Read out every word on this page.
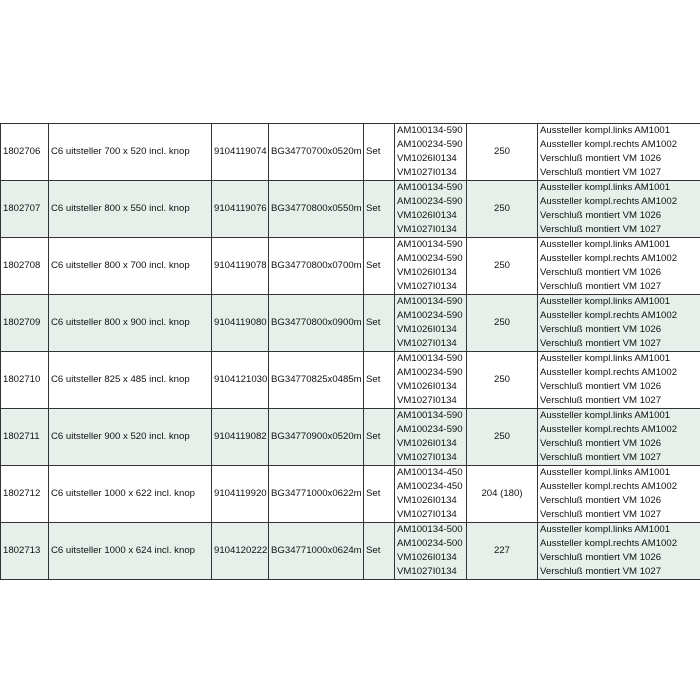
1802706	C6 uitsteller 700 x 520 incl. knop	9104119074	BG34770700x0520m	Set	AM100134-590
AM100234-590
VM1026I0134
VM1027I0134	250	Aussteller kompl.links AM1001
Aussteller kompl.rechts AM1002
Verschluß montiert VM 1026
Verschluß montiert VM 1027

1802707	C6 uitsteller 800 x 550 incl. knop	9104119076	BG34770800x0550m	Set	AM100134-590
AM100234-590
VM1026I0134
VM1027I0134	250	Aussteller kompl.links AM1001
Aussteller kompl.rechts AM1002
Verschluß montiert VM 1026
Verschluß montiert VM 1027

1802708	C6 uitsteller 800 x 700 incl. knop	9104119078	BG34770800x0700m	Set	AM100134-590
AM100234-590
VM1026I0134
VM1027I0134	250	Aussteller kompl.links AM1001
Aussteller kompl.rechts AM1002
Verschluß montiert VM 1026
Verschluß montiert VM 1027

1802709	C6 uitsteller 800 x 900 incl. knop	9104119080	BG34770800x0900m	Set	AM100134-590
AM100234-590
VM1026I0134
VM1027I0134	250	Aussteller kompl.links AM1001
Aussteller kompl.rechts AM1002
Verschluß montiert VM 1026
Verschluß montiert VM 1027

1802710	C6 uitsteller 825 x 485 incl. knop	9104121030	BG34770825x0485m	Set	AM100134-590
AM100234-590
VM1026I0134
VM1027I0134	250	Aussteller kompl.links AM1001
Aussteller kompl.rechts AM1002
Verschluß montiert VM 1026
Verschluß montiert VM 1027

1802711	C6 uitsteller 900 x 520 incl. knop	9104119082	BG34770900x0520m	Set	AM100134-590
AM100234-590
VM1026I0134
VM1027I0134	250	Aussteller kompl.links AM1001
Aussteller kompl.rechts AM1002
Verschluß montiert VM 1026
Verschluß montiert VM 1027

1802712	C6 uitsteller 1000 x 622 incl. knop	9104119920	BG34771000x0622m	Set	AM100134-450
AM100234-450
VM1026I0134
VM1027I0134	204 (180)	Aussteller kompl.links AM1001
Aussteller kompl.rechts AM1002
Verschluß montiert VM 1026
Verschluß montiert VM 1027

1802713	C6 uitsteller 1000 x 624 incl. knop	9104120222	BG34771000x0624m	Set	AM100134-500
AM100234-500
VM1026I0134
VM1027I0134	227	Aussteller kompl.links AM1001
Aussteller kompl.rechts AM1002
Verschluß montiert VM 1026
Verschluß montiert VM 1027
